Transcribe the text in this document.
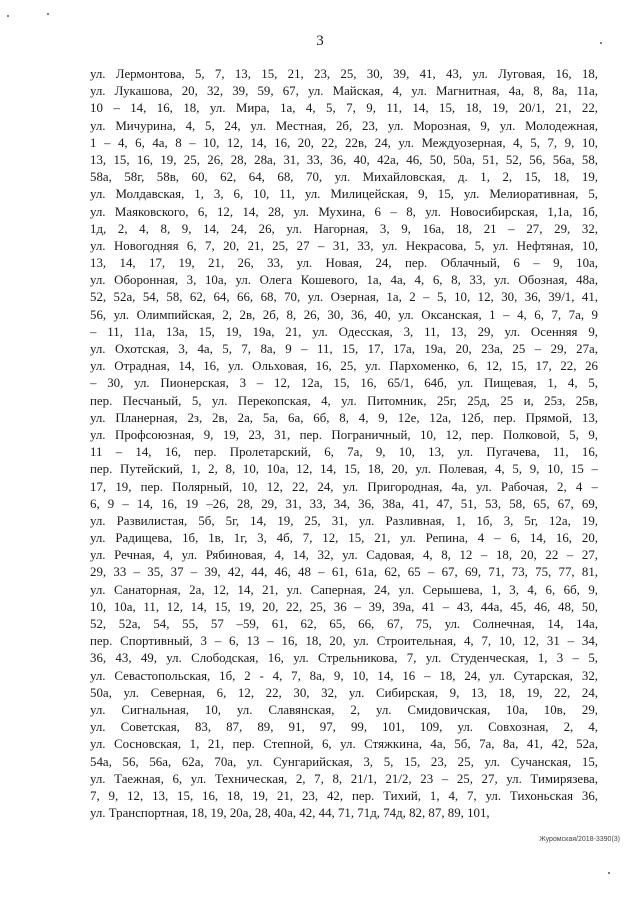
3
ул. Лермонтова, 5, 7, 13, 15, 21, 23, 25, 30, 39, 41, 43, ул. Луговая, 16, 18,
ул. Лукашова, 20, 32, 39, 59, 67, ул. Майская, 4, ул. Магнитная, 4а, 8, 8а, 11а,
10 – 14, 16, 18, ул. Мира, 1а, 4, 5, 7, 9, 11, 14, 15, 18, 19, 20/1, 21, 22,
ул. Мичурина, 4, 5, 24, ул. Местная, 2б, 23, ул. Морозная, 9, ул. Молодежная,
1 – 4, 6, 4а, 8 – 10, 12, 14, 16, 20, 22, 22в, 24, ул. Междуозерная, 4, 5, 7, 9, 10,
13, 15, 16, 19, 25, 26, 28, 28а, 31, 33, 36, 40, 42а, 46, 50, 50а, 51, 52, 56, 56а, 58,
58а, 58г, 58в, 60, 62, 64, 68, 70, ул. Михайловская, д. 1, 2, 15, 18, 19,
ул. Молдавская, 1, 3, 6, 10, 11, ул. Милицейская, 9, 15, ул. Мелиоративная, 5,
ул. Маяковского, 6, 12, 14, 28, ул. Мухина, 6 – 8, ул. Новосибирская, 1,1а, 1б,
1д, 2, 4, 8, 9, 14, 24, 26, ул. Нагорная, 3, 9, 16а, 18, 21 – 27, 29, 32,
ул. Новогодняя 6, 7, 20, 21, 25, 27 – 31, 33, ул. Некрасова, 5, ул. Нефтяная, 10,
13, 14, 17, 19, 21, 26, 33, ул. Новая, 24, пер. Облачный, 6 – 9, 10а,
ул. Оборонная, 3, 10а, ул. Олега Кошевого, 1а, 4а, 4, 6, 8, 33, ул. Обозная, 48а,
52, 52а, 54, 58, 62, 64, 66, 68, 70, ул. Озерная, 1а, 2 – 5, 10, 12, 30, 36, 39/1, 41,
56, ул. Олимпийская, 2, 2в, 2б, 8, 26, 30, 36, 40, ул. Оксанская, 1 – 4, 6, 7, 7а, 9
– 11, 11а, 13а, 15, 19, 19а, 21, ул. Одесская, 3, 11, 13, 29, ул. Осенняя 9,
ул. Охотская, 3, 4а, 5, 7, 8а, 9 – 11, 15, 17, 17а, 19а, 20, 23а, 25 – 29, 27а,
ул. Отрадная, 14, 16, ул. Ольховая, 16, 25, ул. Пархоменко, 6, 12, 15, 17, 22, 26
– 30, ул. Пионерская, 3 – 12, 12а, 15, 16, 65/1, 64б, ул. Пищевая, 1, 4, 5,
пер. Песчаный, 5, ул. Перекопская, 4, ул. Питомник, 25г, 25д, 25 и, 25з, 25в,
ул. Планерная, 2з, 2в, 2а, 5а, 6а, 6б, 8, 4, 9, 12е, 12а, 12б, пер. Прямой, 13,
ул. Профсоюзная, 9, 19, 23, 31, пер. Пограничный, 10, 12, пер. Полковой, 5, 9,
11 – 14, 16, пер. Пролетарский, 6, 7а, 9, 10, 13, ул. Пугачева, 11, 16,
пер. Путейский, 1, 2, 8, 10, 10а, 12, 14, 15, 18, 20, ул. Полевая, 4, 5, 9, 10, 15 –
17, 19, пер. Полярный, 10, 12, 22, 24, ул. Пригородная, 4а, ул. Рабочая, 2, 4 –
6, 9 – 14, 16, 19 –26, 28, 29, 31, 33, 34, 36, 38а, 41, 47, 51, 53, 58, 65, 67, 69,
ул. Развилистая, 5б, 5г, 14, 19, 25, 31, ул. Разливная, 1, 1б, 3, 5г, 12а, 19,
ул. Радищева, 1б, 1в, 1г, 3, 4б, 7, 12, 15, 21, ул. Репина, 4 – 6, 14, 16, 20,
ул. Речная, 4, ул. Рябиновая, 4, 14, 32, ул. Садовая, 4, 8, 12 – 18, 20, 22 – 27,
29, 33 – 35, 37 – 39, 42, 44, 46, 48 – 61, 61а, 62, 65 – 67, 69, 71, 73, 75, 77, 81,
ул. Санаторная, 2а, 12, 14, 21, ул. Саперная, 24, ул. Серышева, 1, 3, 4, 6, 6б, 9,
10, 10а, 11, 12, 14, 15, 19, 20, 22, 25, 36 – 39, 39а, 41 – 43, 44а, 45, 46, 48, 50,
52, 52а, 54, 55, 57 –59, 61, 62, 65, 66, 67, 75, ул. Солнечная, 14, 14а,
пер. Спортивный, 3 – 6, 13 – 16, 18, 20, ул. Строительная, 4, 7, 10, 12, 31 – 34,
36, 43, 49, ул. Слободская, 16, ул. Стрельникова, 7, ул. Студенческая, 1, 3 – 5,
ул. Севастопольская, 1б, 2 - 4, 7, 8а, 9, 10, 14, 16 – 18, 24, ул. Сутарская, 32,
50а, ул. Северная, 6, 12, 22, 30, 32, ул. Сибирская, 9, 13, 18, 19, 22, 24,
ул. Сигнальная, 10, ул. Славянская, 2, ул. Смидовичская, 10а, 10в, 29,
ул. Советская, 83, 87, 89, 91, 97, 99, 101, 109, ул. Совхозная, 2, 4,
ул. Сосновская, 1, 21, пер. Степной, 6, ул. Стяжкина, 4а, 5б, 7а, 8а, 41, 42, 52а,
54а, 56, 56а, 62а, 70а, ул. Сунгарийская, 3, 5, 15, 23, 25, ул. Сучанская, 15,
ул. Таежная, 6, ул. Техническая, 2, 7, 8, 21/1, 21/2, 23 – 25, 27, ул. Тимирязева,
7, 9, 12, 13, 15, 16, 18, 19, 21, 23, 42, пер. Тихий, 1, 4, 7, ул. Тихоньская 36,
ул. Транспортная, 18, 19, 20а, 28, 40а, 42, 44, 71, 71д, 74д, 82, 87, 89, 101,
Журомская/2018-3390(3)
